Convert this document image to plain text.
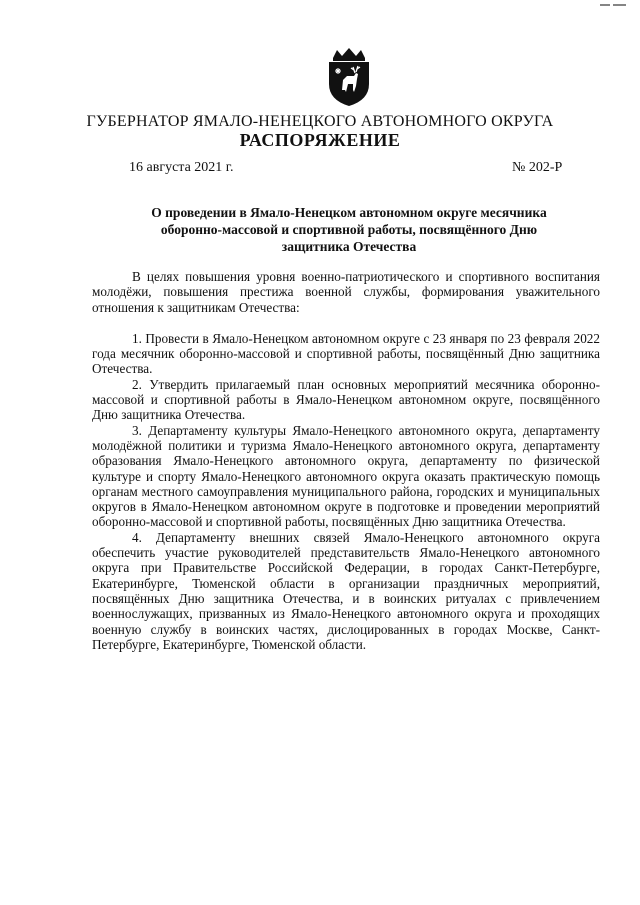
ГУБЕРНАТОР ЯМАЛО-НЕНЕЦКОГО АВТОНОМНОГО ОКРУГА
РАСПОРЯЖЕНИЕ
16 августа 2021 г.	№ 202-Р
О проведении в Ямало-Ненецком автономном округе месячника оборонно-массовой и спортивной работы, посвящённого Дню защитника Отечества

В целях повышения уровня военно-патриотического и спортивного воспитания молодёжи, повышения престижа военной службы, формирования уважительного отношения к защитникам Отечества:

1. Провести в Ямало-Ненецком автономном округе с 23 января по 23 февраля 2022 года месячник оборонно-массовой и спортивной работы, посвящённый Дню защитника Отечества.

2. Утвердить прилагаемый план основных мероприятий месячника оборонно-массовой и спортивной работы в Ямало-Ненецком автономном округе, посвящённого Дню защитника Отечества.

3. Департаменту культуры Ямало-Ненецкого автономного округа, департаменту молодёжной политики и туризма Ямало-Ненецкого автономного округа, департаменту образования Ямало-Ненецкого автономного округа, департаменту по физической культуре и спорту Ямало-Ненецкого автономного округа оказать практическую помощь органам местного самоуправления муниципального района, городских и муниципальных округов в Ямало-Ненецком автономном округе в подготовке и проведении мероприятий оборонно-массовой и спортивной работы, посвящённых Дню защитника Отечества.

4. Департаменту внешних связей Ямало-Ненецкого автономного округа обеспечить участие руководителей представительств Ямало-Ненецкого автономного округа при Правительстве Российской Федерации, в городах Санкт-Петербурге, Екатеринбурге, Тюменской области в организации праздничных мероприятий, посвящённых Дню защитника Отечества, и в воинских ритуалах с привлечением военнослужащих, призванных из Ямало-Ненецкого автономного округа и проходящих военную службу в воинских частях, дислоцированных в городах Москве, Санкт-Петербурге, Екатеринбурге, Тюменской области.
